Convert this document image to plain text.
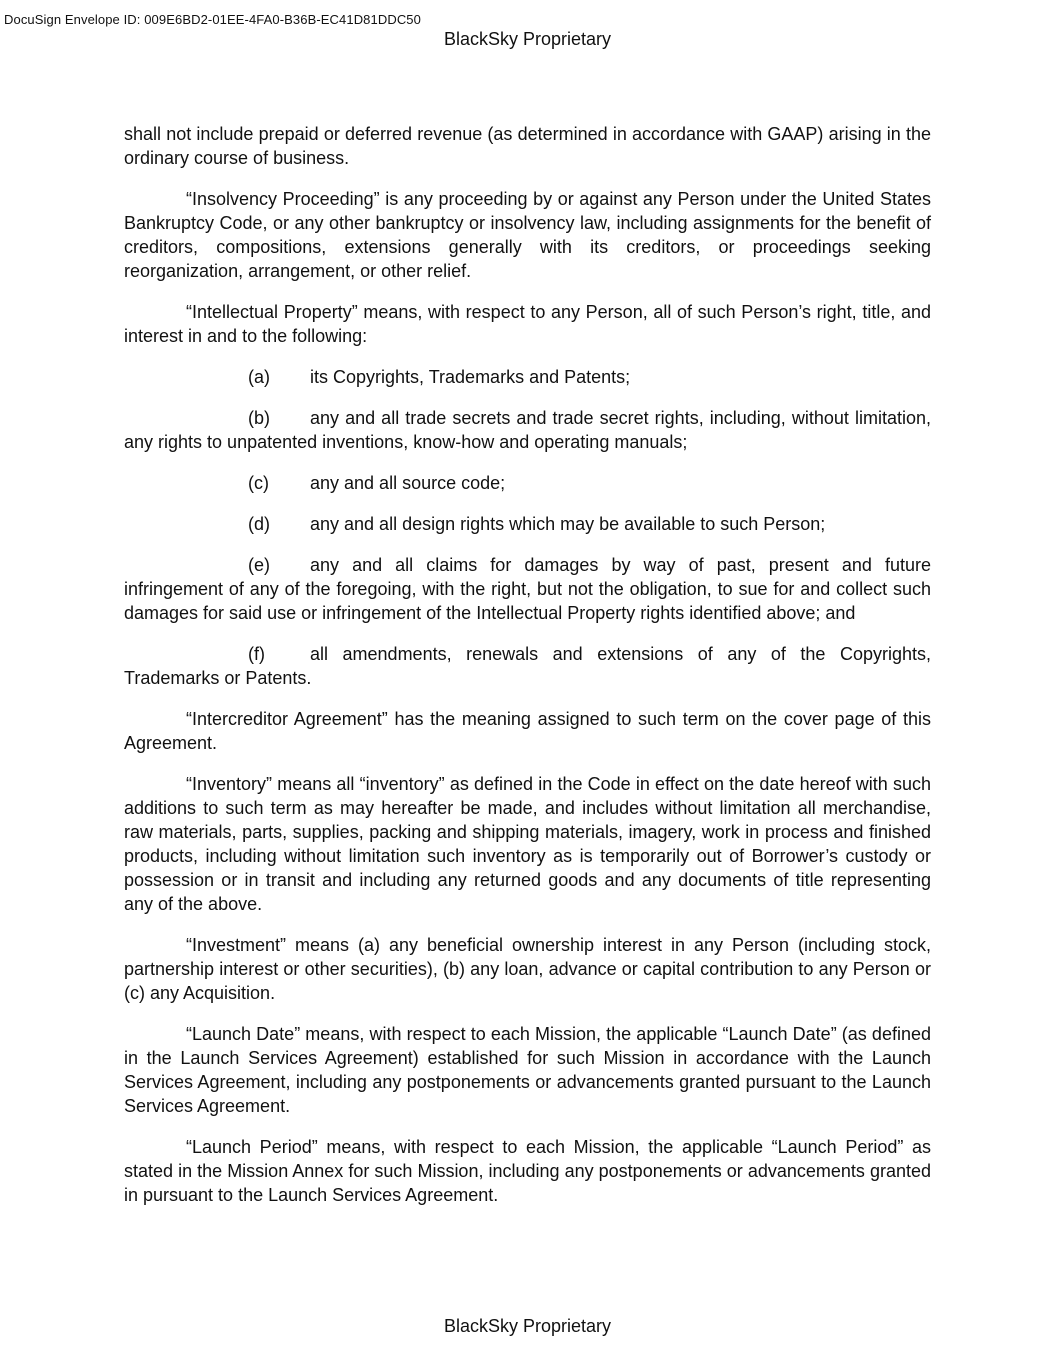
DocuSign Envelope ID: 009E6BD2-01EE-4FA0-B36B-EC41D81DDC50
BlackSky Proprietary

shall not include prepaid or deferred revenue (as determined in accordance with GAAP) arising in the ordinary course of business.

“Insolvency Proceeding” is any proceeding by or against any Person under the United States Bankruptcy Code, or any other bankruptcy or insolvency law, including assignments for the benefit of creditors, compositions, extensions generally with its creditors, or proceedings seeking reorganization, arrangement, or other relief.

“Intellectual Property” means, with respect to any Person, all of such Person’s right, title, and interest in and to the following:

(a) its Copyrights, Trademarks and Patents;

(b) any and all trade secrets and trade secret rights, including, without limitation, any rights to unpatented inventions, know-how and operating manuals;

(c) any and all source code;

(d) any and all design rights which may be available to such Person;

(e) any and all claims for damages by way of past, present and future infringement of any of the foregoing, with the right, but not the obligation, to sue for and collect such damages for said use or infringement of the Intellectual Property rights identified above; and

(f)	all amendments, renewals and extensions of any of the Copyrights, Trademarks or Patents.

“Intercreditor Agreement” has the meaning assigned to such term on the cover page of this Agreement.

“Inventory” means all “inventory” as defined in the Code in effect on the date hereof with such additions to such term as may hereafter be made, and includes without limitation all merchandise, raw materials, parts, supplies, packing and shipping materials, imagery, work in process and finished products, including without limitation such inventory as is temporarily out of Borrower’s custody or possession or in transit and including any returned goods and any documents of title representing any of the above.

“Investment” means (a) any beneficial ownership interest in any Person (including stock, partnership interest or other securities), (b) any loan, advance or capital contribution to any Person or (c) any Acquisition.

“Launch Date” means, with respect to each Mission, the applicable “Launch Date” (as defined in the Launch Services Agreement) established for such Mission in accordance with the Launch Services Agreement, including any postponements or advancements granted pursuant to the Launch Services Agreement.

“Launch Period” means, with respect to each Mission, the applicable “Launch Period” as stated in the Mission Annex for such Mission, including any postponements or advancements granted in pursuant to the Launch Services Agreement.

BlackSky Proprietary
